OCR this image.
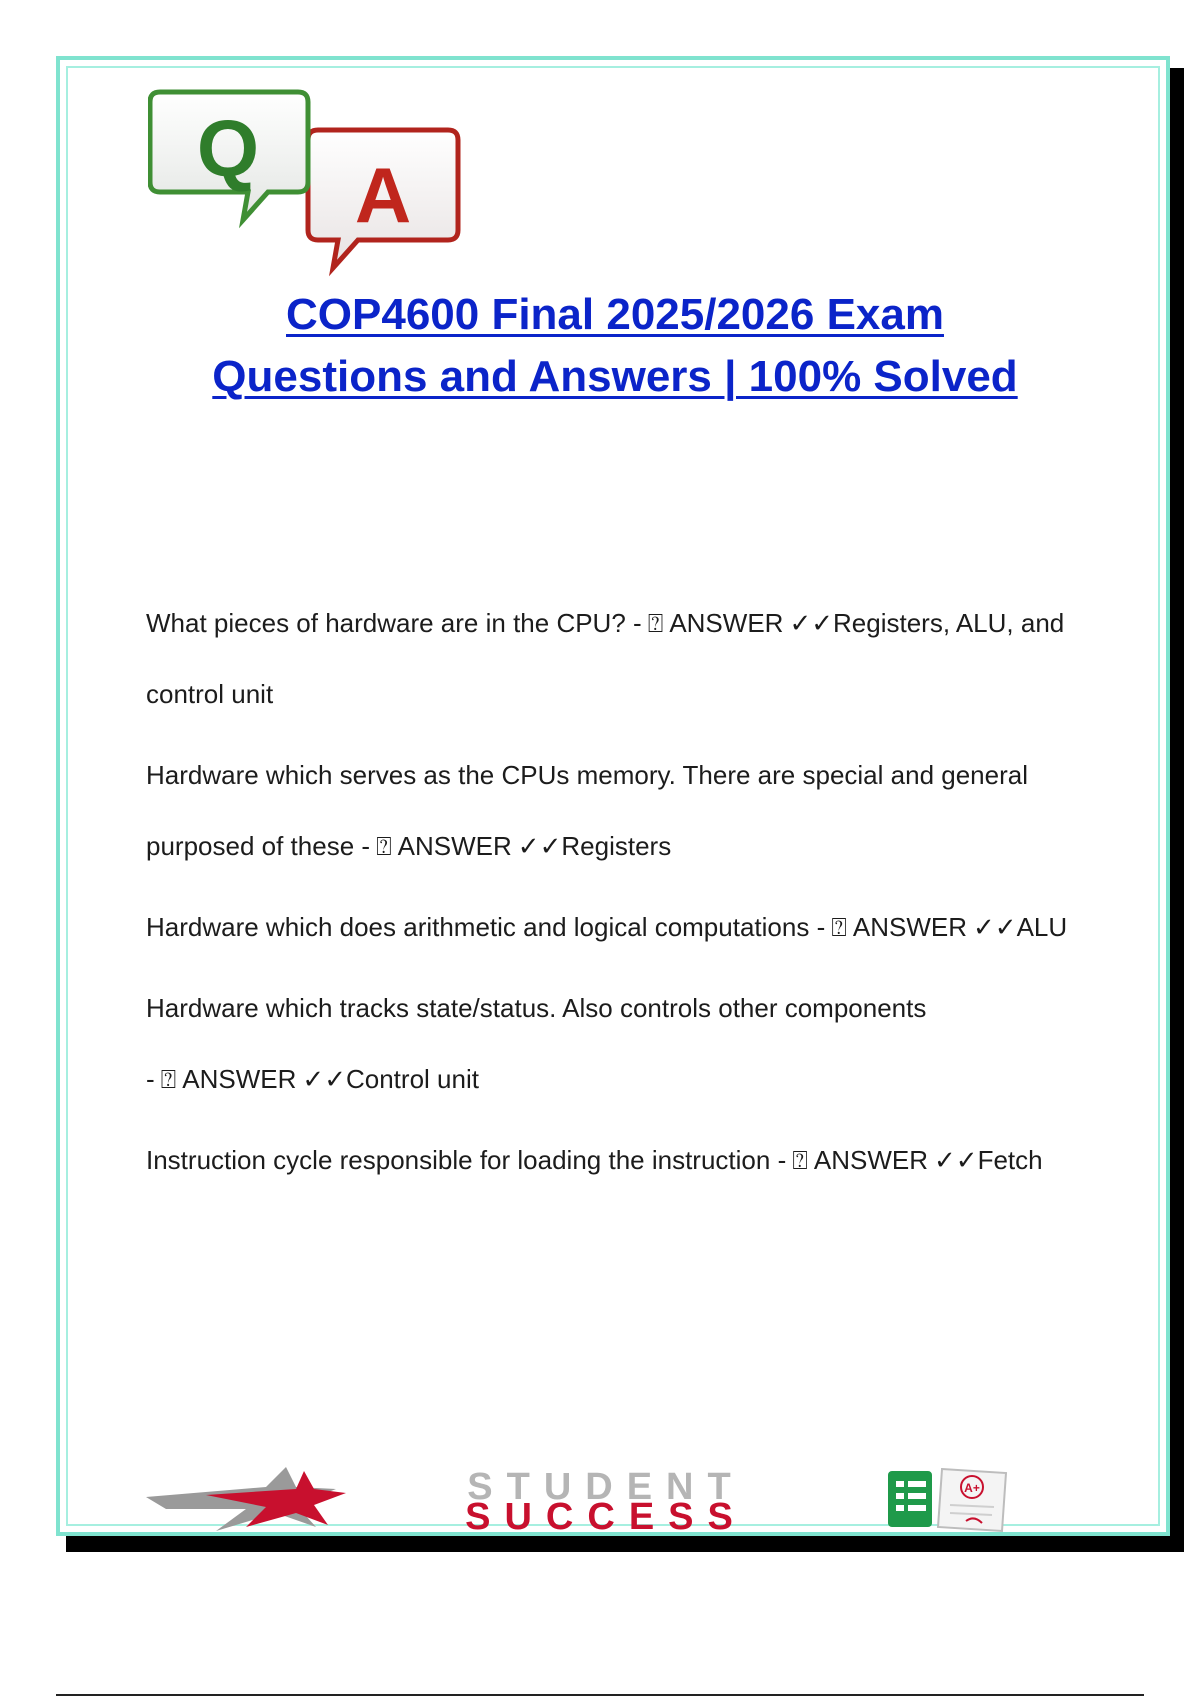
A
Q
COP4600 Final 2025/2026 Exam
Questions and Answers | 100% Solved

What pieces of hardware are in the CPU? - ⍰ ANSWER ✓✓Registers, ALU, and control unit

Hardware which serves as the CPUs memory. There are special and general purposed of these - ⍰ ANSWER ✓✓Registers

Hardware which does arithmetic and logical computations - ⍰ ANSWER ✓✓ALU

Hardware which tracks state/status. Also controls other components - ⍰ ANSWER ✓✓Control unit

Instruction cycle responsible for loading the instruction - ⍰ ANSWER ✓✓Fetch

STUDENT
SUCCESS
A+
